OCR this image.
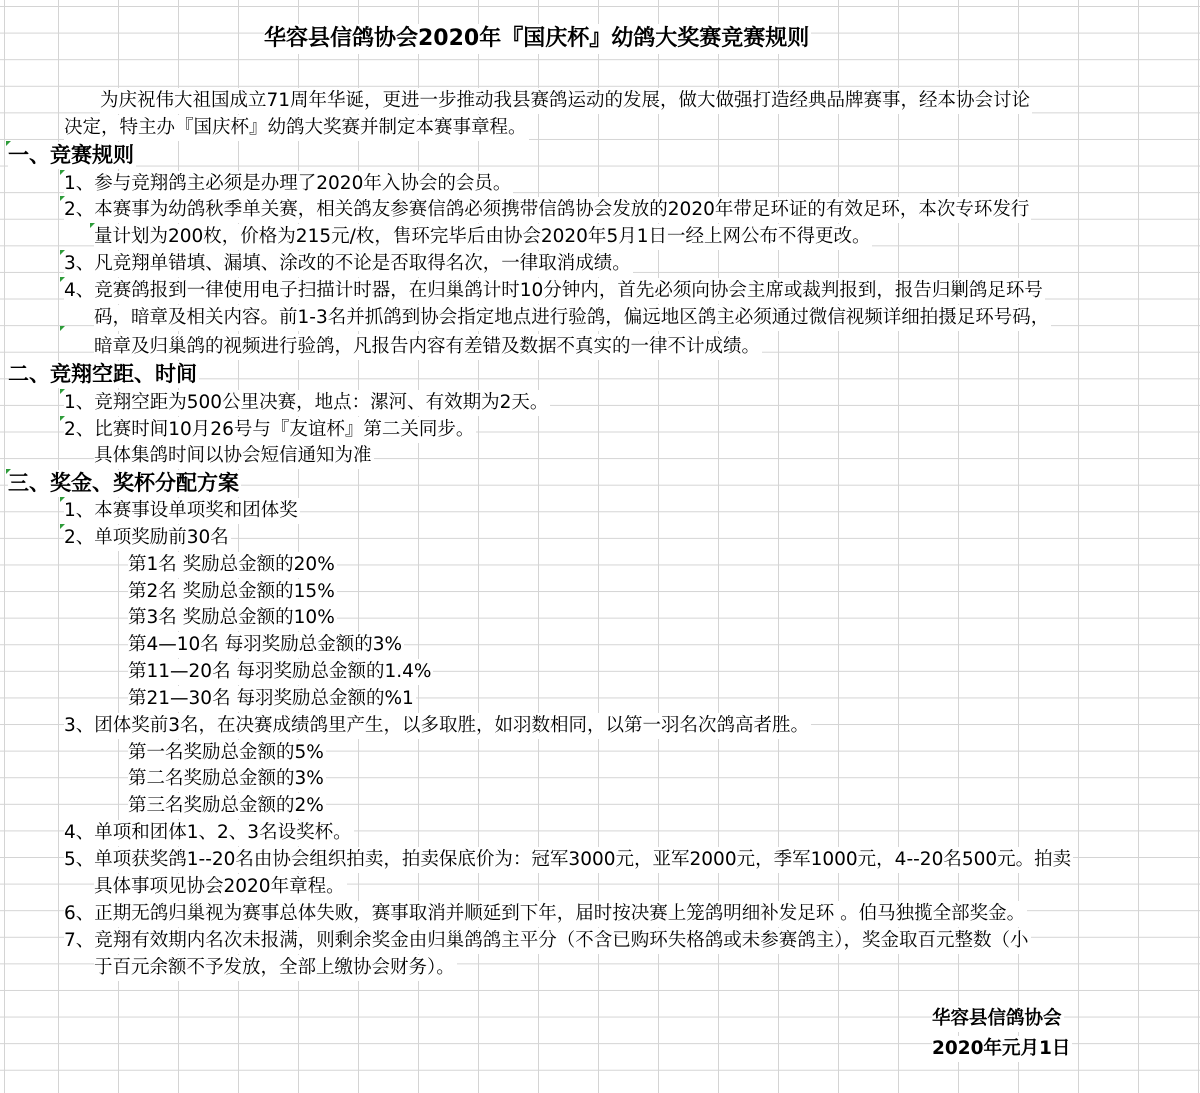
华容县信鸽协会2020年『国庆杯』幼鸽大奖赛竞赛规则
为庆祝伟大祖国成立71周年华诞，更进一步推动我县赛鸽运动的发展，做大做强打造经典品牌赛事，经本协会讨论
决定，特主办『国庆杯』幼鸽大奖赛并制定本赛事章程。
一、竞赛规则
1、参与竞翔鸽主必须是办理了2020年入协会的会员。
2、本赛事为幼鸽秋季单关赛，相关鸽友参赛信鸽必须携带信鸽协会发放的2020年带足环证的有效足环，本次专环发行
量计划为200枚，价格为215元/枚，售环完毕后由协会2020年5月1日一经上网公布不得更改。
3、凡竞翔单错填、漏填、涂改的不论是否取得名次，一律取消成绩。
4、竞赛鸽报到一律使用电子扫描计时器，在归巢鸽计时10分钟内，首先必须向协会主席或裁判报到，报告归剿鸽足环号
码，暗章及相关内容。前1-3名并抓鸽到协会指定地点进行验鸽，偏远地区鸽主必须通过微信视频详细拍摄足环号码，
暗章及归巢鸽的视频进行验鸽，凡报告内容有差错及数据不真实的一律不计成绩。
二、竞翔空距、时间
1、竞翔空距为500公里决赛，地点：漯河、有效期为2天。
2、比赛时间10月26号与『友谊杯』第二关同步。
具体集鸽时间以协会短信通知为准
三、奖金、奖杯分配方案
1、本赛事设单项奖和团体奖
2、单项奖励前30名
第1名 奖励总金额的20%
第2名 奖励总金额的15%
第3名 奖励总金额的10%
第4—10名 每羽奖励总金额的3%
第11—20名 每羽奖励总金额的1.4%
第21—30名 每羽奖励总金额的%1
3、团体奖前3名，在决赛成绩鸽里产生，以多取胜，如羽数相同，以第一羽名次鸽高者胜。
第一名奖励总金额的5%
第二名奖励总金额的3%
第三名奖励总金额的2%
4、单项和团体1、2、3名设奖杯。
5、单项获奖鸽1--20名由协会组织拍卖，拍卖保底价为：冠军3000元，亚军2000元，季军1000元，4--20名500元。拍卖
具体事项见协会2020年章程。
6、正期无鸽归巢视为赛事总体失败，赛事取消并顺延到下年，届时按决赛上笼鸽明细补发足环 。伯马独揽全部奖金。
7、竞翔有效期内名次未报满，则剩余奖金由归巢鸽鸽主平分（不含已购环失格鸽或未参赛鸽主），奖金取百元整数（小
于百元余额不予发放，全部上缴协会财务）。
华容县信鸽协会
2020年元月1日
